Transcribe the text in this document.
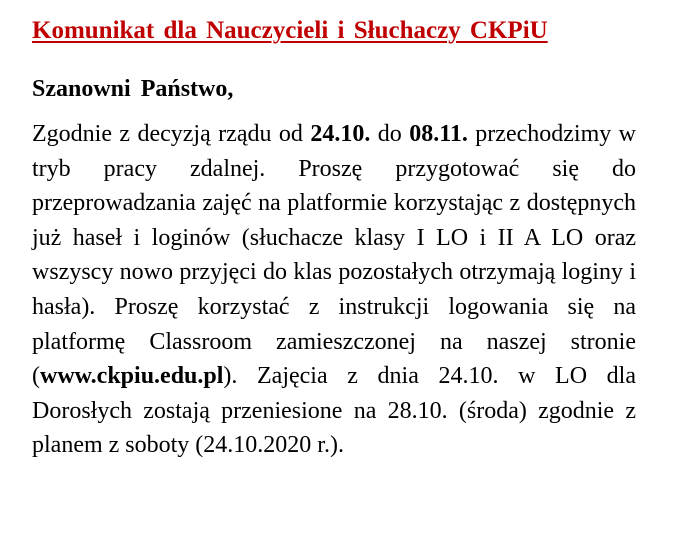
Komunikat dla Nauczycieli i Słuchaczy CKPiU

Szanowni Państwo,

Zgodnie z decyzją rządu od 24.10. do 08.11. przechodzimy w tryb pracy zdalnej. Proszę przygotować się do przeprowadzania zajęć na platformie korzystając z dostępnych już haseł i loginów (słuchacze klasy I LO i II A LO oraz wszyscy nowo przyjęci do klas pozostałych otrzymają loginy i hasła). Proszę korzystać z instrukcji logowania się na platformę Classroom zamieszczonej na naszej stronie (www.ckpiu.edu.pl). Zajęcia z dnia 24.10. w LO dla Dorosłych zostają przeniesione na 28.10. (środa) zgodnie z planem z soboty (24.10.2020 r.).
